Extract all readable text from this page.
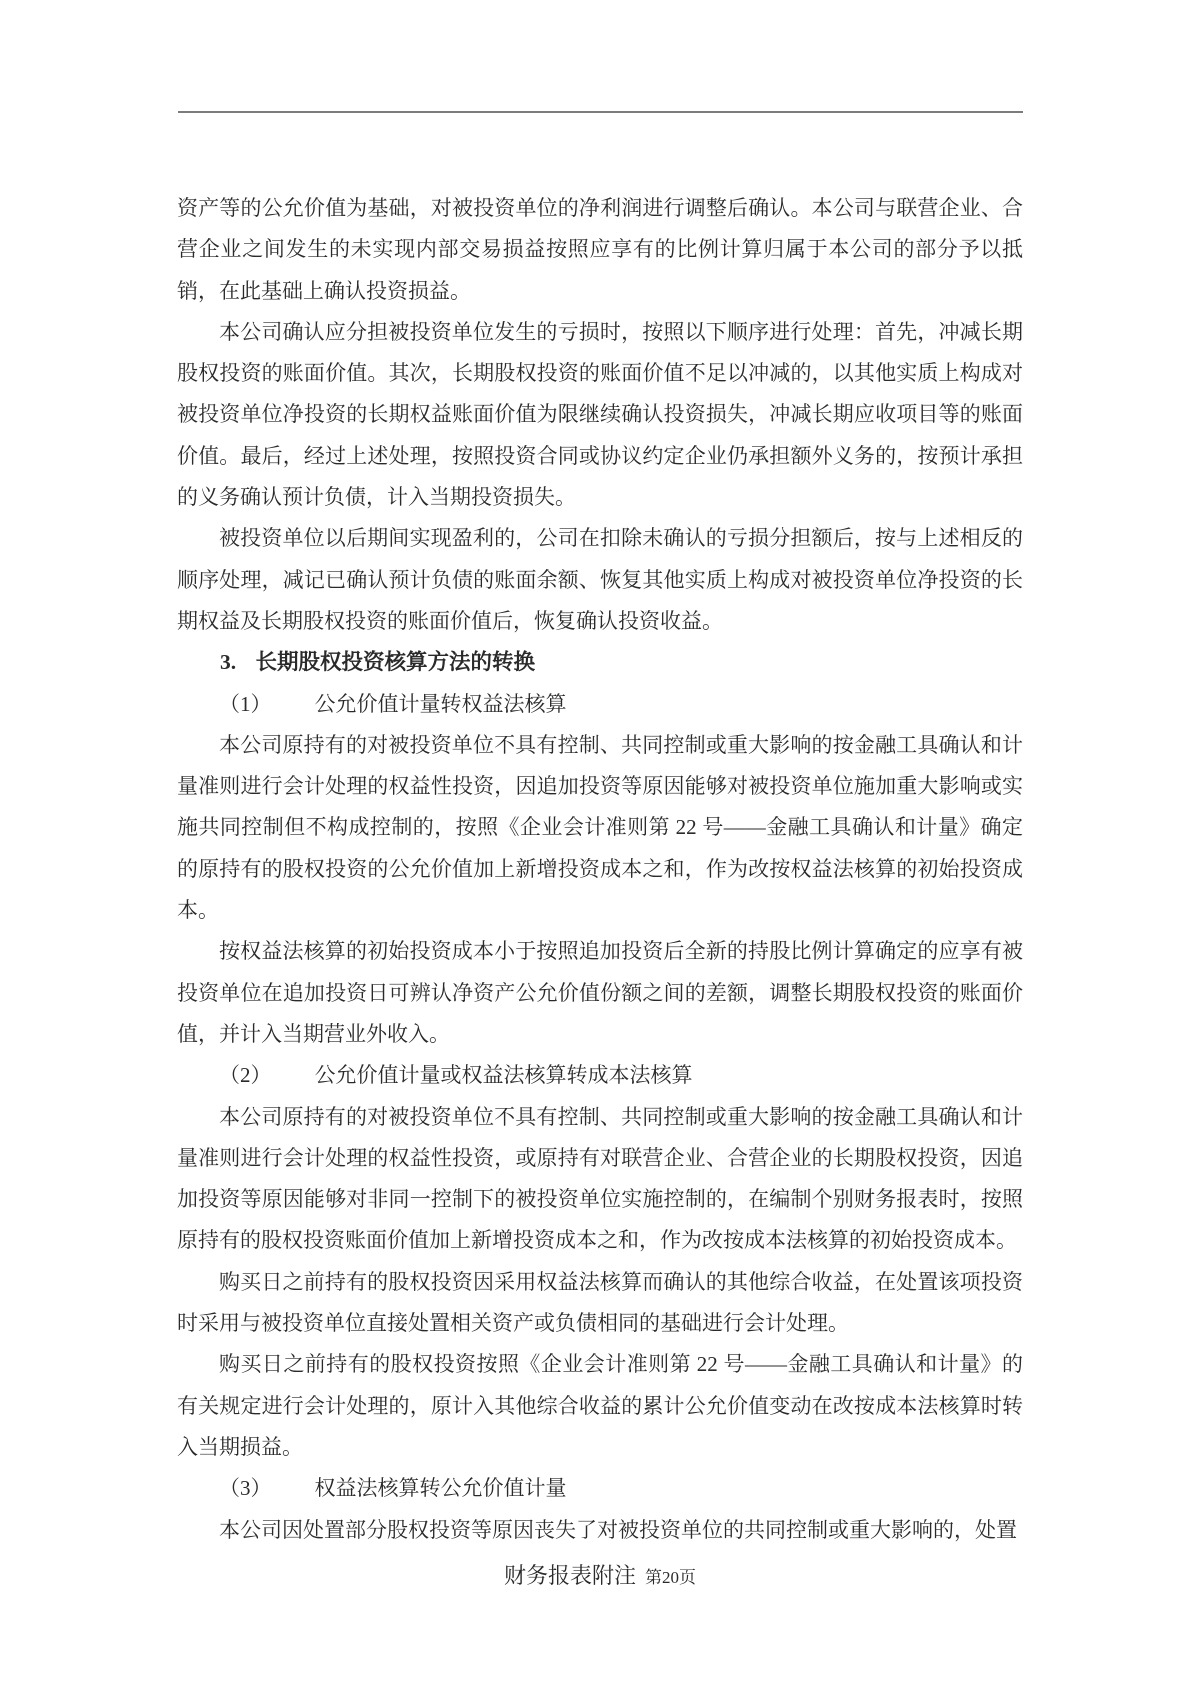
资产等的公允价值为基础，对被投资单位的净利润进行调整后确认。本公司与联营企业、合营企业之间发生的未实现内部交易损益按照应享有的比例计算归属于本公司的部分予以抵销，在此基础上确认投资损益。

本公司确认应分担被投资单位发生的亏损时，按照以下顺序进行处理：首先，冲减长期股权投资的账面价值。其次，长期股权投资的账面价值不足以冲减的，以其他实质上构成对被投资单位净投资的长期权益账面价值为限继续确认投资损失，冲减长期应收项目等的账面价值。最后，经过上述处理，按照投资合同或协议约定企业仍承担额外义务的，按预计承担的义务确认预计负债，计入当期投资损失。

被投资单位以后期间实现盈利的，公司在扣除未确认的亏损分担额后，按与上述相反的顺序处理，减记已确认预计负债的账面余额、恢复其他实质上构成对被投资单位净投资的长期权益及长期股权投资的账面价值后，恢复确认投资收益。

3. 长期股权投资核算方法的转换
（1） 公允价值计量转权益法核算

本公司原持有的对被投资单位不具有控制、共同控制或重大影响的按金融工具确认和计量准则进行会计处理的权益性投资，因追加投资等原因能够对被投资单位施加重大影响或实施共同控制但不构成控制的，按照《企业会计准则第 22 号——金融工具确认和计量》确定的原持有的股权投资的公允价值加上新增投资成本之和，作为改按权益法核算的初始投资成本。

按权益法核算的初始投资成本小于按照追加投资后全新的持股比例计算确定的应享有被投资单位在追加投资日可辨认净资产公允价值份额之间的差额，调整长期股权投资的账面价值，并计入当期营业外收入。

（2） 公允价值计量或权益法核算转成本法核算

本公司原持有的对被投资单位不具有控制、共同控制或重大影响的按金融工具确认和计量准则进行会计处理的权益性投资，或原持有对联营企业、合营企业的长期股权投资，因追加投资等原因能够对非同一控制下的被投资单位实施控制的，在编制个别财务报表时，按照原持有的股权投资账面价值加上新增投资成本之和，作为改按成本法核算的初始投资成本。

购买日之前持有的股权投资因采用权益法核算而确认的其他综合收益，在处置该项投资时采用与被投资单位直接处置相关资产或负债相同的基础进行会计处理。

购买日之前持有的股权投资按照《企业会计准则第 22 号——金融工具确认和计量》的有关规定进行会计处理的，原计入其他综合收益的累计公允价值变动在改按成本法核算时转入当期损益。

（3） 权益法核算转公允价值计量

本公司因处置部分股权投资等原因丧失了对被投资单位的共同控制或重大影响的，处置

财务报表附注 第20页
